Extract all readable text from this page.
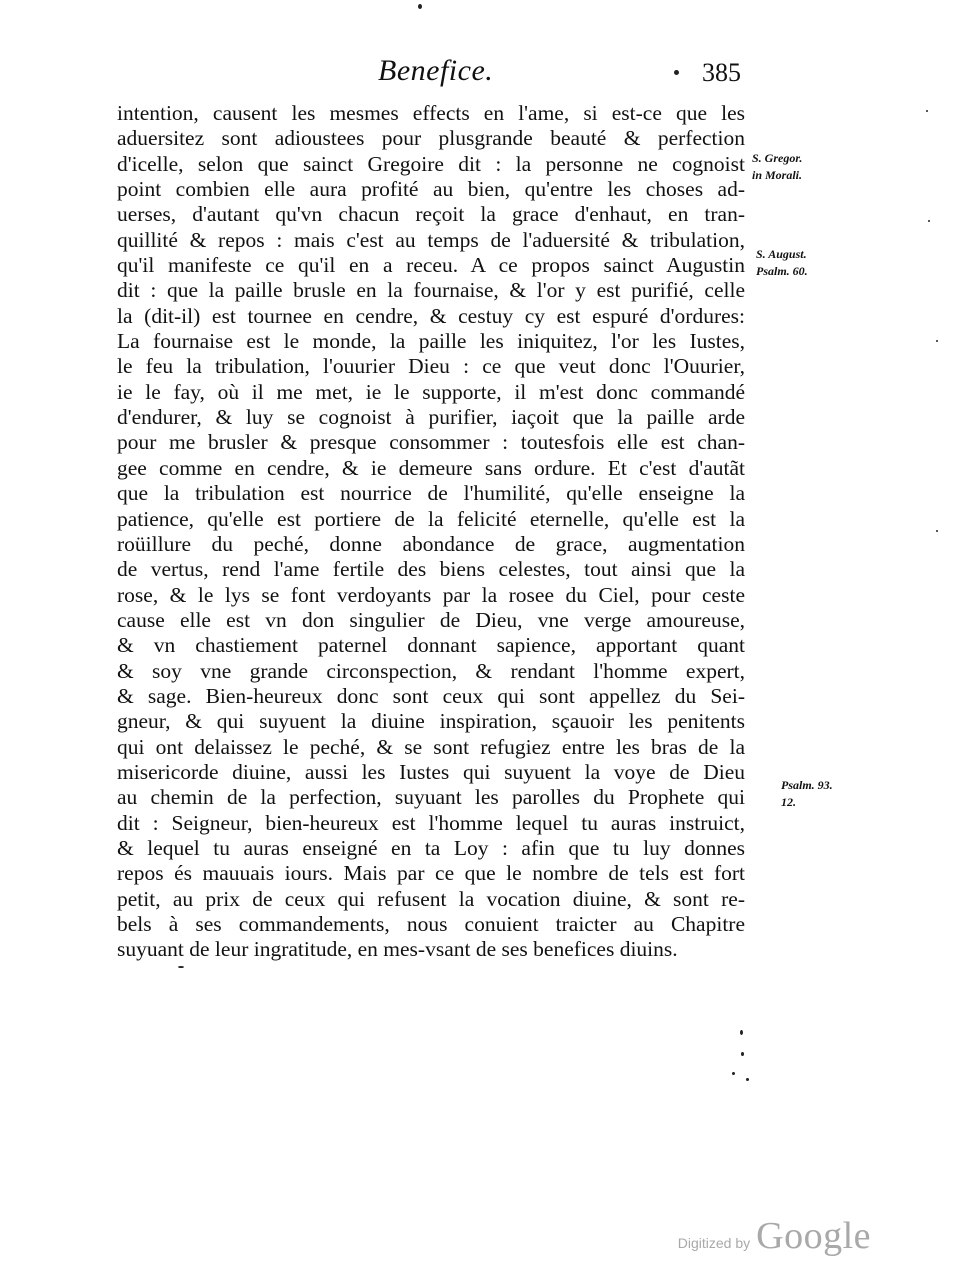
Benefice.	385
intention, causent les mesmes effects en l'ame, si est-ce que les
aduersitez sont adioustees pour plusgrande beauté & perfection
d'icelle, selon que sainct Gregoire dit : la personne ne cognoist
point combien elle aura profité au bien, qu'entre les choses ad-
uerses, d'autant qu'vn chacun reçoit la grace d'enhaut, en tran-
quillité & repos : mais c'est au temps de l'aduersité & tribulation,
qu'il manifeste ce qu'il en a receu. A ce propos sainct Augustin
dit : que la paille brusle en la fournaise, & l'or y est purifié, celle
la (dit-il) est tournee en cendre, & cestuy cy est espuré d'ordures:
La fournaise est le monde, la paille les iniquitez, l'or les Iustes,
le feu la tribulation, l'ouurier Dieu : ce que veut donc l'Ouurier,
ie le fay, où il me met, ie le supporte, il m'est donc commandé
d'endurer, & luy se cognoist à purifier, iaçoit que la paille arde
pour me brusler & presque consommer : toutesfois elle est chan-
gee comme en cendre, & ie demeure sans ordure. Et c'est d'autãt
que la tribulation est nourrice de l'humilité, qu'elle enseigne la
patience, qu'elle est portiere de la felicité eternelle, qu'elle est la
roüillure du peché, donne abondance de grace, augmentation
de vertus, rend l'ame fertile des biens celestes, tout ainsi que la
rose, & le lys se font verdoyants par la rosee du Ciel, pour ceste
cause elle est vn don singulier de Dieu, vne verge amoureuse,
& vn chastiement paternel donnant sapience, apportant quant
& soy vne grande circonspection, & rendant l'homme expert,
& sage. Bien-heureux donc sont ceux qui sont appellez du Sei-
gneur, & qui suyuent la diuine inspiration, sçauoir les penitents
qui ont delaissez le peché, & se sont refugiez entre les bras de la
misericorde diuine, aussi les Iustes qui suyuent la voye de Dieu
au chemin de la perfection, suyuant les parolles du Prophete qui
dit : Seigneur, bien-heureux est l'homme lequel tu auras instruict,
& lequel tu auras enseigné en ta Loy : afin que tu luy donnes
repos és mauuais iours. Mais par ce que le nombre de tels est fort
petit, au prix de ceux qui refusent la vocation diuine, & sont re-
bels à ses commandements, nous conuient traicter au Chapitre
suyuant de leur ingratitude, en mes-vsant de ses benefices diuins.
S. Gregor.
in Morali.
S. August.
Psalm. 60.
Psalm. 93.
12.
Digitized by Google
